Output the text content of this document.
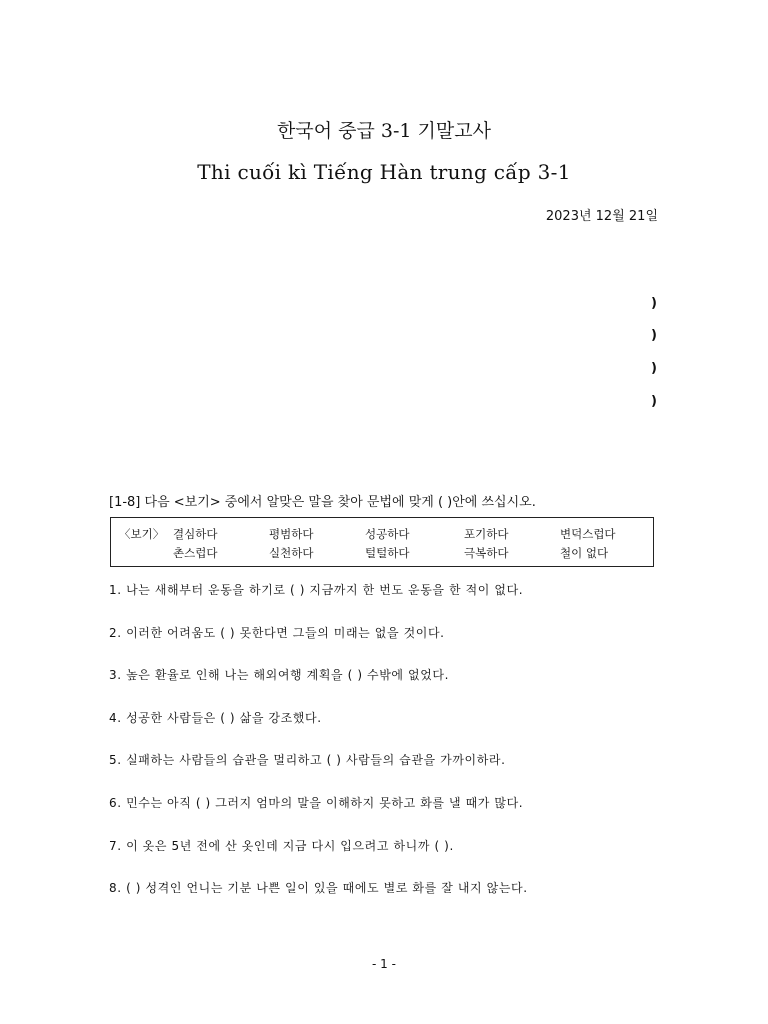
한국어 중급 3-1 기말고사
Thi cuối kì Tiếng Hàn trung cấp 3-1
2023년 12월 21일
)
)
)
)
[1-8] 다음 <보기> 중에서 알맞은 말을 찾아 문법에 맞게 ( )안에 쓰십시오.
〈보기〉 결심하다	평범하다	성공하다	포기하다	변덕스럽다
촌스럽다	실천하다	털털하다	극복하다	철이 없다
1. 나는 새해부터 운동을 하기로 ( ) 지금까지 한 번도 운동을 한 적이 없다.
2. 이러한 어려움도 ( ) 못한다면 그들의 미래는 없을 것이다.
3. 높은 환율로 인해 나는 해외여행 계획을 ( ) 수밖에 없었다.
4. 성공한 사람들은 ( ) 삶을 강조했다.
5. 실패하는 사람들의 습관을 멀리하고 ( ) 사람들의 습관을 가까이하라.
6. 민수는 아직 ( ) 그러지 엄마의 말을 이해하지 못하고 화를 낼 때가 많다.
7. 이 옷은 5년 전에 산 옷인데 지금 다시 입으려고 하니까 ( ).
8. ( ) 성격인 언니는 기분 나쁜 일이 있을 때에도 별로 화를 잘 내지 않는다.
- 1 -
